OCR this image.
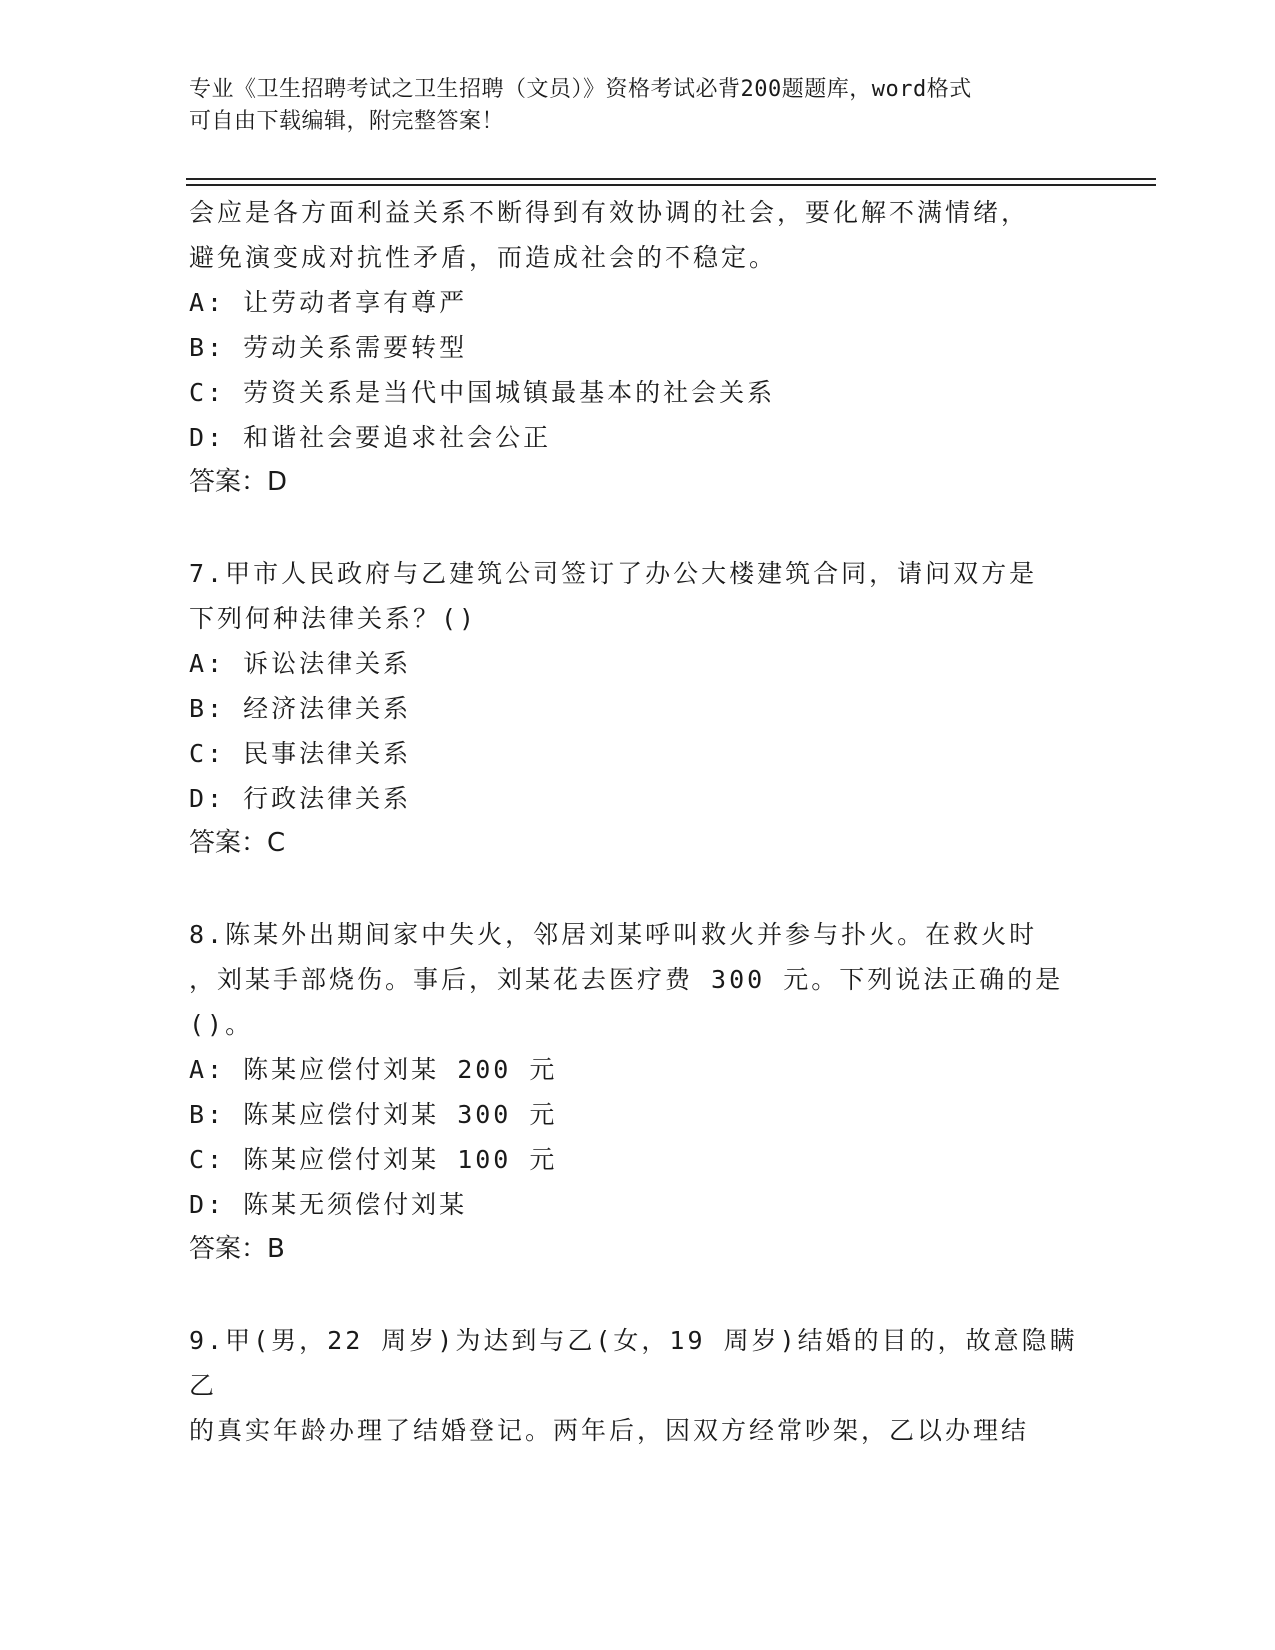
专业《卫生招聘考试之卫生招聘（文员）》资格考试必背200题题库，word格式
可自由下载编辑，附完整答案！

会应是各方面利益关系不断得到有效协调的社会，要化解不满情绪，

避免演变成对抗性矛盾，而造成社会的不稳定。

A: 让劳动者享有尊严

B: 劳动关系需要转型

C: 劳资关系是当代中国城镇最基本的社会关系

D: 和谐社会要追求社会公正

答案：D

7.甲市人民政府与乙建筑公司签订了办公大楼建筑合同，请问双方是

下列何种法律关系？()

A: 诉讼法律关系

B: 经济法律关系

C: 民事法律关系

D: 行政法律关系

答案：C

8.陈某外出期间家中失火，邻居刘某呼叫救火并参与扑火。在救火时

，刘某手部烧伤。事后，刘某花去医疗费 300 元。下列说法正确的是

()。

A: 陈某应偿付刘某 200 元

B: 陈某应偿付刘某 300 元

C: 陈某应偿付刘某 100 元

D: 陈某无须偿付刘某

答案：B

9.甲(男，22 周岁)为达到与乙(女，19 周岁)结婚的目的，故意隐瞒乙

的真实年龄办理了结婚登记。两年后，因双方经常吵架，乙以办理结
